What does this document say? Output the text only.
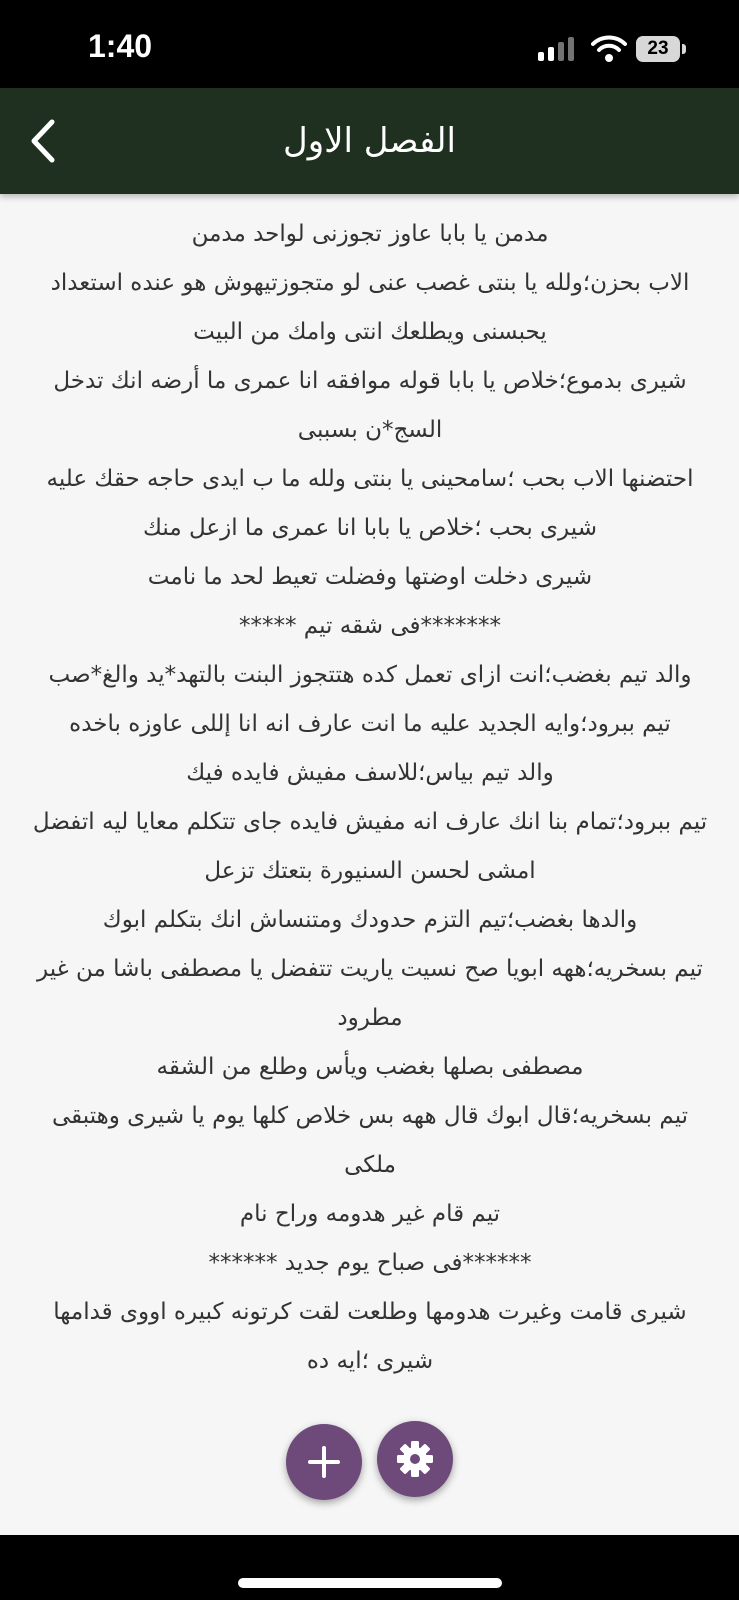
1:40	23
الفصل الاول

مدمن يا بابا عاوز تجوزنى لواحد مدمن

الاب بحزن؛ولله يا بنتى غصب عنى لو متجوزتيهوش هو عنده استعداد يحبسنى ويطلعك انتى وامك من البيت

شيرى بدموع؛خلاص يا بابا قوله موافقه انا عمرى ما أرضه انك تدخل السج*ن بسببى

احتضنها الاب بحب ؛سامحينى يا بنتى ولله ما ب ايدى حاجه حقك عليه

شيرى بحب ؛خلاص يا بابا انا عمرى ما ازعل منك

شيرى دخلت اوضتها وفضلت تعيط لحد ما نامت

*******فى شقه تيم *****

والد تيم بغضب؛انت ازاى تعمل كده هتتجوز البنت بالتهد*يد والغ*صب

تيم ببرود؛وايه الجديد عليه ما انت عارف انه انا إللى عاوزه باخده

والد تيم بياس؛للاسف مفيش فايده فيك

تيم ببرود؛تمام بنا انك عارف انه مفيش فايده جاى تتكلم معايا ليه اتفضل امشى لحسن السنيورة بتعتك تزعل

والدها بغضب؛تيم التزم حدودك ومتنساش انك بتكلم ابوك

تيم بسخريه؛ههه ابويا صح نسيت ياريت تتفضل يا مصطفى باشا من غير مطرود

مصطفى بصلها بغضب ويأس وطلع من الشقه

تيم بسخريه؛قال ابوك قال ههه بس خلاص كلها يوم يا شيرى وهتبقى ملكى

تيم قام غير هدومه وراح نام

******فى صباح يوم جديد ******

شيرى قامت وغيرت هدومها وطلعت لقت كرتونه كبيره اووى قدامها

شيرى ؛ايه ده
